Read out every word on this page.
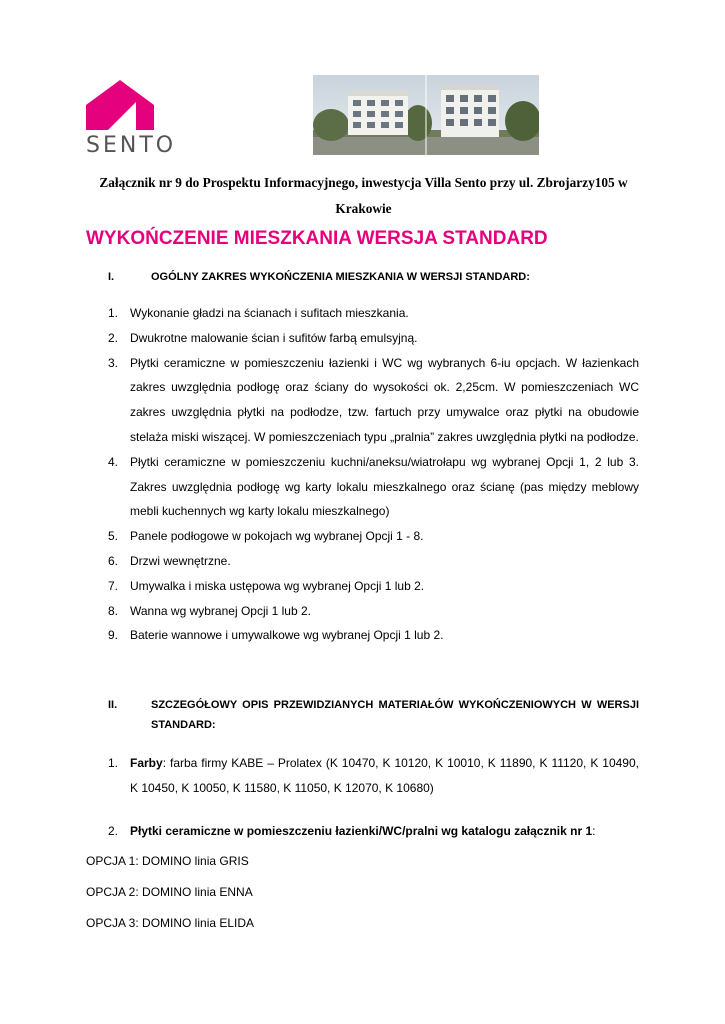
SENTO
Załącznik nr 9 do Prospektu Informacyjnego, inwestycja Villa Sento przy ul. Zbrojarzy105 w
Krakowie
WYKOŃCZENIE MIESZKANIA WERSJA STANDARD
I.	OGÓLNY ZAKRES WYKOŃCZENIA MIESZKANIA W WERSJI STANDARD:
1. Wykonanie gładzi na ścianach i sufitach mieszkania.
2. Dwukrotne malowanie ścian i sufitów farbą emulsyjną.
3. Płytki ceramiczne w pomieszczeniu łazienki i WC wg wybranych 6-iu opcjach. W łazienkach zakres uwzględnia podłogę oraz ściany do wysokości ok. 2,25cm. W pomieszczeniach WC zakres uwzględnia płytki na podłodze, tzw. fartuch przy umywalce oraz płytki na obudowie stelaża miski wiszącej. W pomieszczeniach typu „pralnia” zakres uwzględnia płytki na podłodze.
4. Płytki ceramiczne w pomieszczeniu kuchni/aneksu/wiatrołapu wg wybranej Opcji 1, 2 lub 3. Zakres uwzględnia podłogę wg karty lokalu mieszkalnego oraz ścianę (pas między meblowy mebli kuchennych wg karty lokalu mieszkalnego)
5. Panele podłogowe w pokojach wg wybranej Opcji 1 - 8.
6. Drzwi wewnętrzne.
7. Umywalka i miska ustępowa wg wybranej Opcji 1 lub 2.
8. Wanna wg wybranej Opcji 1 lub 2.
9. Baterie wannowe i umywalkowe wg wybranej Opcji 1 lub 2.
II.	SZCZEGÓŁOWY OPIS PRZEWIDZIANYCH MATERIAŁÓW WYKOŃCZENIOWYCH W WERSJI STANDARD:
1. Farby: farba firmy KABE – Prolatex (K 10470, K 10120, K 10010, K 11890, K 11120, K 10490, K 10450, K 10050, K 11580, K 11050, K 12070, K 10680)
2. Płytki ceramiczne w pomieszczeniu łazienki/WC/pralni wg katalogu załącznik nr 1:
OPCJA 1: DOMINO linia GRIS
OPCJA 2: DOMINO linia ENNA
OPCJA 3: DOMINO linia ELIDA
